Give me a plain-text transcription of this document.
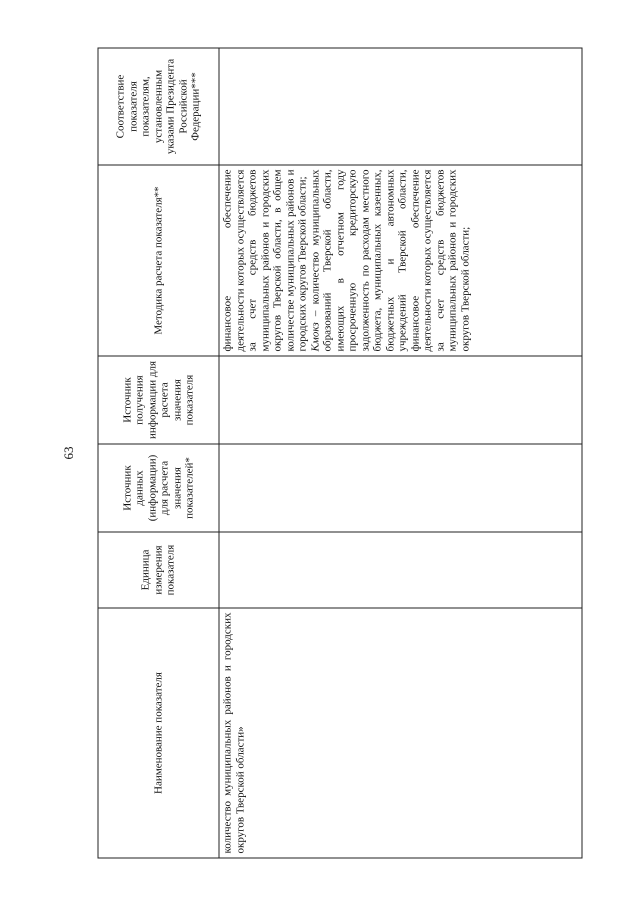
63
Наименование показателя	Единица измерения показателя	Источник данных (информации) для расчета значения показателей*	Источник получения информации для расчета значения показателя	Методика расчета показателя**	Соответствие показателя показателям, установленным указами Президента Российской Федерации***
количество муниципальных районов и городских округов Тверской области»				финансовое обеспечение деятельности которых осуществляется за счет средств бюджетов муниципальных районов и городских округов Тверской области, в общем количестве муниципальных районов и городских округов Тверской области; Кмокз – количество муниципальных образований Тверской области, имеющих в отчетном году просроченную кредиторскую задолженность по расходам местного бюджета, муниципальных казенных, бюджетных и автономных учреждений Тверской области, финансовое обеспечение деятельности которых осуществляется за счет средств бюджетов муниципальных районов и городских округов Тверской области;	
